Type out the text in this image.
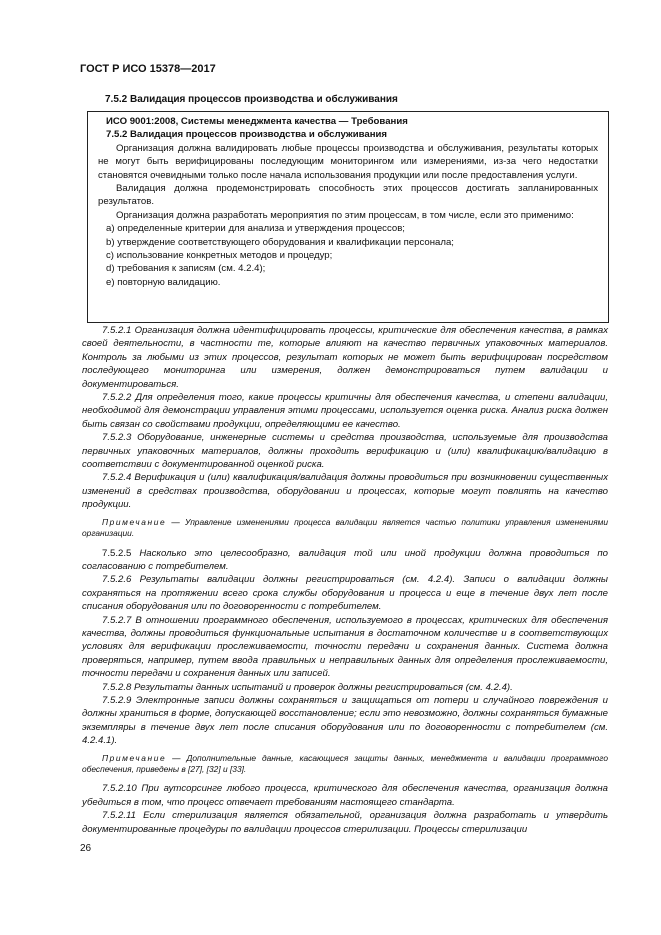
ГОСТ Р ИСО 15378—2017
7.5.2 Валидация процессов производства и обслуживания

ИСО 9001:2008, Системы менеджмента качества — Требования

7.5.2 Валидация процессов производства и обслуживания

Организация должна валидировать любые процессы производства и обслуживания, результаты которых не могут быть верифицированы последующим мониторингом или измерениями, из-за чего недостатки становятся очевидными только после начала использования продукции или после предоставления услуги.

Валидация должна продемонстрировать способность этих процессов достигать запланированных результатов.

Организация должна разработать мероприятия по этим процессам, в том числе, если это применимо:

а) определенные критерии для анализа и утверждения процессов;

b) утверждение соответствующего оборудования и квалификации персонала;

с) использование конкретных методов и процедур;

d) требования к записям (см. 4.2.4);

е) повторную валидацию.

7.5.2.1 Организация должна идентифицировать процессы, критические для обеспечения качества, в рамках своей деятельности, в частности те, которые влияют на качество первичных упаковочных материалов. Контроль за любыми из этих процессов, результат которых не может быть верифицирован посредством последующего мониторинга или измерения, должен демонстрироваться путем валидации и документироваться.

7.5.2.2 Для определения того, какие процессы критичны для обеспечения качества, и степени валидации, необходимой для демонстрации управления этими процессами, используется оценка риска. Анализ риска должен быть связан со свойствами продукции, определяющими ее качество.

7.5.2.3 Оборудование, инженерные системы и средства производства, используемые для производства первичных упаковочных материалов, должны проходить верификацию и (или) квалификацию/валидацию в соответствии с документированной оценкой риска.

7.5.2.4 Верификация и (или) квалификация/валидация должны проводиться при возникновении существенных изменений в средствах производства, оборудовании и процессах, которые могут повлиять на качество продукции.

Примечание — Управление изменениями процесса валидации является частью политики управления изменениями организации.

7.5.2.5 Насколько это целесообразно, валидация той или иной продукции должна проводиться по согласованию с потребителем.

7.5.2.6 Результаты валидации должны регистрироваться (см. 4.2.4). Записи о валидации должны сохраняться на протяжении всего срока службы оборудования и процесса и еще в течение двух лет после списания оборудования или по договоренности с потребителем.

7.5.2.7 В отношении программного обеспечения, используемого в процессах, критических для обеспечения качества, должны проводиться функциональные испытания в достаточном количестве и в соответствующих условиях для верификации прослеживаемости, точности передачи и сохранения данных. Система должна проверяться, например, путем ввода правильных и неправильных данных для определения прослеживаемости, точности передачи и сохранения данных или записей.

7.5.2.8 Результаты данных испытаний и проверок должны регистрироваться (см. 4.2.4).

7.5.2.9 Электронные записи должны сохраняться и защищаться от потери и случайного повреждения и должны храниться в форме, допускающей восстановление; если это невозможно, должны сохраняться бумажные экземпляры в течение двух лет после списания оборудования или по договоренности с потребителем (см. 4.2.4.1).

Примечание — Дополнительные данные, касающиеся защиты данных, менеджмента и валидации программного обеспечения, приведены в [27], [32] и [33].

7.5.2.10 При аутсорсинге любого процесса, критического для обеспечения качества, организация должна убедиться в том, что процесс отвечает требованиям настоящего стандарта.

7.5.2.11 Если стерилизация является обязательной, организация должна разработать и утвердить документированные процедуры по валидации процессов стерилизации. Процессы стерилизации

26
